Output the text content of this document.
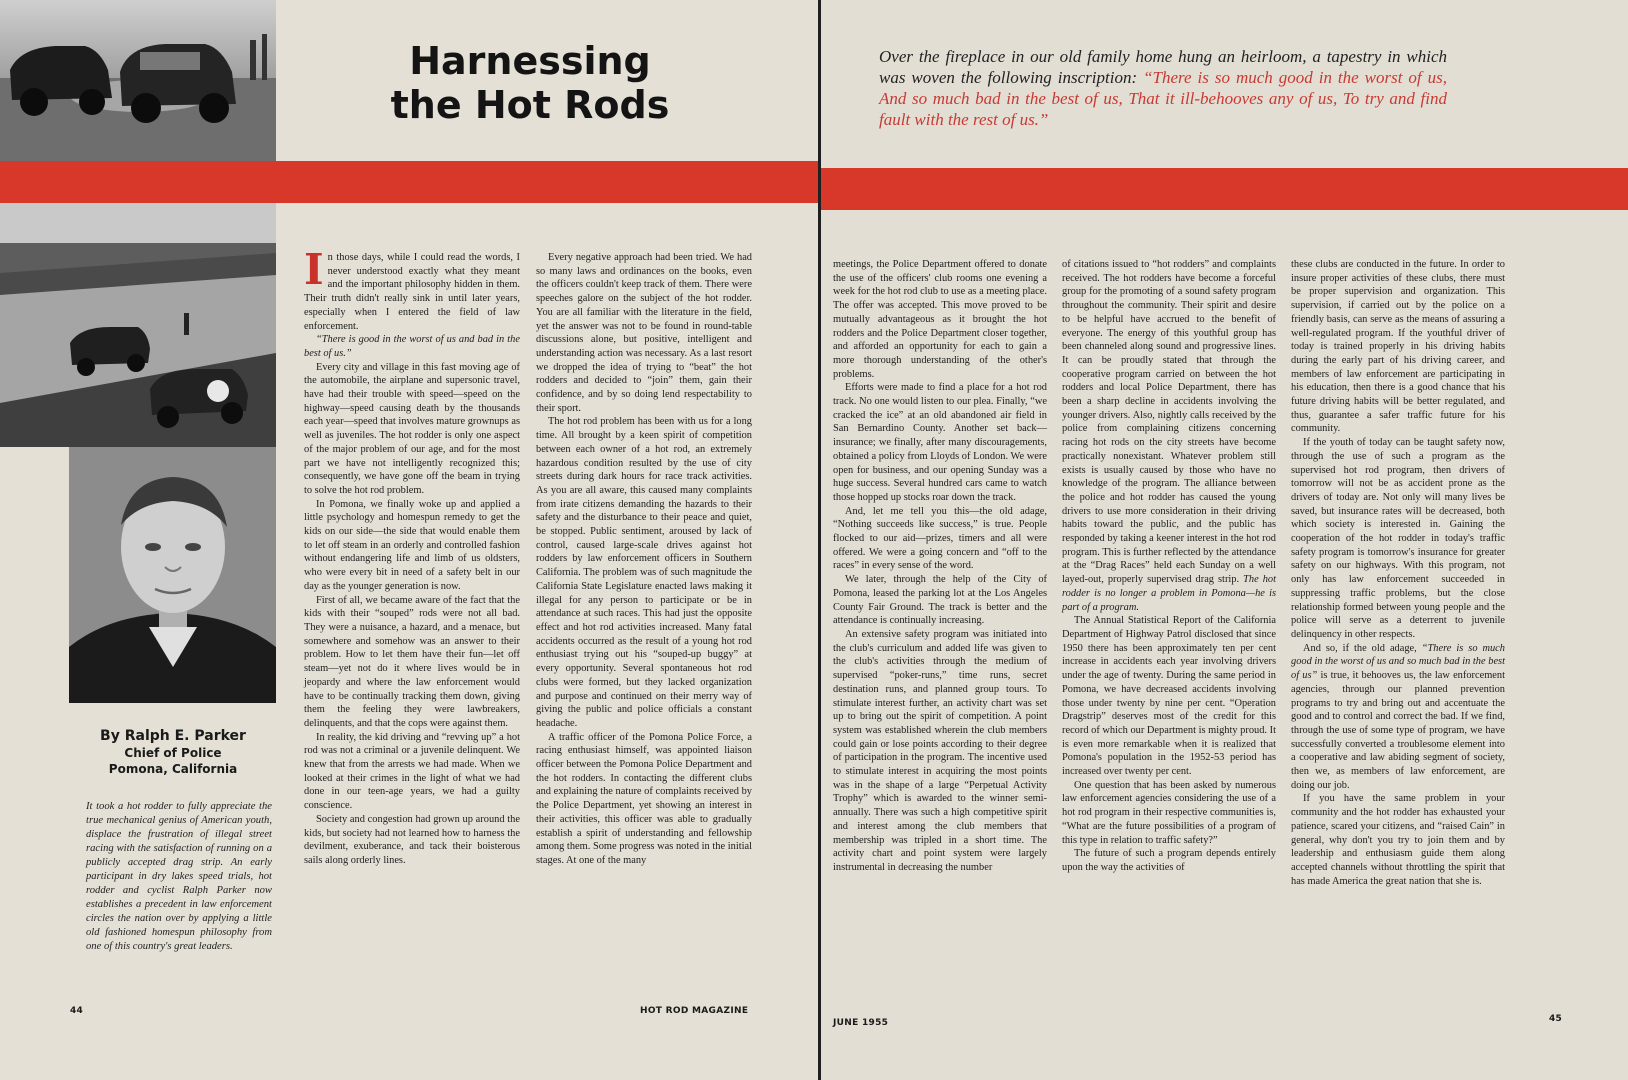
Harnessing
the Hot Rods
By Ralph E. Parker
Chief of Police
Pomona, California
It took a hot rodder to fully appreciate the true mechanical genius of American youth, displace the frustration of illegal street racing with the satisfaction of running on a publicly accepted drag strip. An early participant in dry lakes speed trials, hot rodder and cyclist Ralph Parker now establishes a precedent in law enforcement circles the nation over by applying a little old fashioned homespun philosophy from one of this country's great leaders.

In those days, while I could read the words, I never understood exactly what they meant and the important philosophy hidden in them. Their truth didn't really sink in until later years, especially when I entered the field of law enforcement.

“There is good in the worst of us and bad in the best of us.”

Every city and village in this fast moving age of the automobile, the airplane and supersonic travel, have had their trouble with speed—speed on the highway—speed causing death by the thousands each year—speed that involves mature grownups as well as juveniles. The hot rodder is only one aspect of the major problem of our age, and for the most part we have not intelligently recognized this; consequently, we have gone off the beam in trying to solve the hot rod problem.

In Pomona, we finally woke up and applied a little psychology and homespun remedy to get the kids on our side—the side that would enable them to let off steam in an orderly and controlled fashion without endangering life and limb of us oldsters, who were every bit in need of a safety belt in our day as the younger generation is now.

First of all, we became aware of the fact that the kids with their “souped” rods were not all bad. They were a nuisance, a hazard, and a menace, but somewhere and somehow was an answer to their problem. How to let them have their fun—let off steam—yet not do it where lives would be in jeopardy and where the law enforcement would have to be continually tracking them down, giving them the feeling they were lawbreakers, delinquents, and that the cops were against them.

In reality, the kid driving and “revving up” a hot rod was not a criminal or a juvenile delinquent. We knew that from the arrests we had made. When we looked at their crimes in the light of what we had done in our teen-age years, we had a guilty conscience.

Society and congestion had grown up around the kids, but society had not learned how to harness the devilment, exuberance, and tack their boisterous sails along orderly lines.

Every negative approach had been tried. We had so many laws and ordinances on the books, even the officers couldn't keep track of them. There were speeches galore on the subject of the hot rodder. You are all familiar with the literature in the field, yet the answer was not to be found in round-table discussions alone, but positive, intelligent and understanding action was necessary. As a last resort we dropped the idea of trying to “beat” the hot rodders and decided to “join” them, gain their confidence, and by so doing lend respectability to their sport.

The hot rod problem has been with us for a long time. All brought by a keen spirit of competition between each owner of a hot rod, an extremely hazardous condition resulted by the use of city streets during dark hours for race track activities. As you are all aware, this caused many complaints from irate citizens demanding the hazards to their safety and the disturbance to their peace and quiet, be stopped. Public sentiment, aroused by lack of control, caused large-scale drives against hot rodders by law enforcement officers in Southern California. The problem was of such magnitude the California State Legislature enacted laws making it illegal for any person to participate or be in attendance at such races. This had just the opposite effect and hot rod activities increased. Many fatal accidents occurred as the result of a young hot rod enthusiast trying out his “souped-up buggy” at every opportunity. Several spontaneous hot rod clubs were formed, but they lacked organization and purpose and continued on their merry way of giving the public and police officials a constant headache.

A traffic officer of the Pomona Police Force, a racing enthusiast himself, was appointed liaison officer between the Pomona Police Department and the hot rodders. In contacting the different clubs and explaining the nature of complaints received by the Police Department, yet showing an interest in their activities, this officer was able to gradually establish a spirit of understanding and fellowship among them. Some progress was noted in the initial stages. At one of the many

44	HOT ROD MAGAZINE
Over the fireplace in our old family home hung an heirloom, a tapestry in which was woven the following inscription: “There is so much good in the worst of us, And so much bad in the best of us, That it ill-behooves any of us, To try and find fault with the rest of us.”

meetings, the Police Department offered to donate the use of the officers' club rooms one evening a week for the hot rod club to use as a meeting place. The offer was accepted. This move proved to be mutually advantageous as it brought the hot rodders and the Police Department closer together, and afforded an opportunity for each to gain a more thorough understanding of the other's problems.

Efforts were made to find a place for a hot rod track. No one would listen to our plea. Finally, “we cracked the ice” at an old abandoned air field in San Bernardino County. Another set back—insurance; we finally, after many discouragements, obtained a policy from Lloyds of London. We were open for business, and our opening Sunday was a huge success. Several hundred cars came to watch those hopped up stocks roar down the track.

And, let me tell you this—the old adage, “Nothing succeeds like success,” is true. People flocked to our aid—prizes, timers and all were offered. We were a going concern and “off to the races” in every sense of the word.

We later, through the help of the City of Pomona, leased the parking lot at the Los Angeles County Fair Ground. The track is better and the attendance is continually increasing.

An extensive safety program was initiated into the club's curriculum and added life was given to the club's activities through the medium of supervised “poker-runs,” time runs, secret destination runs, and planned group tours. To stimulate interest further, an activity chart was set up to bring out the spirit of competition. A point system was established wherein the club members could gain or lose points according to their degree of participation in the program. The incentive used to stimulate interest in acquiring the most points was in the shape of a large “Perpetual Activity Trophy” which is awarded to the winner semi-annually. There was such a high competitive spirit and interest among the club members that membership was tripled in a short time. The activity chart and point system were largely instrumental in decreasing the number

of citations issued to “hot rodders” and complaints received. The hot rodders have become a forceful group for the promoting of a sound safety program throughout the community. Their spirit and desire to be helpful have accrued to the benefit of everyone. The energy of this youthful group has been channeled along sound and progressive lines. It can be proudly stated that through the cooperative program carried on between the hot rodders and local Police Department, there has been a sharp decline in accidents involving the younger drivers. Also, nightly calls received by the police from complaining citizens concerning racing hot rods on the city streets have become practically nonexistant. Whatever problem still exists is usually caused by those who have no knowledge of the program. The alliance between the police and hot rodder has caused the young drivers to use more consideration in their driving habits toward the public, and the public has responded by taking a keener interest in the hot rod program. This is further reflected by the attendance at the “Drag Races” held each Sunday on a well layed-out, properly supervised drag strip. The hot rodder is no longer a problem in Pomona—he is part of a program.

The Annual Statistical Report of the California Department of Highway Patrol disclosed that since 1950 there has been approximately ten per cent increase in accidents each year involving drivers under the age of twenty. During the same period in Pomona, we have decreased accidents involving those under twenty by nine per cent. “Operation Dragstrip” deserves most of the credit for this record of which our Department is mighty proud. It is even more remarkable when it is realized that Pomona's population in the 1952-53 period has increased over twenty per cent.

One question that has been asked by numerous law enforcement agencies considering the use of a hot rod program in their respective communities is, “What are the future possibilities of a program of this type in relation to traffic safety?”

The future of such a program depends entirely upon the way the activities of

these clubs are conducted in the future. In order to insure proper activities of these clubs, there must be proper supervision and organization. This supervision, if carried out by the police on a friendly basis, can serve as the means of assuring a well-regulated program. If the youthful driver of today is trained properly in his driving habits during the early part of his driving career, and members of law enforcement are participating in his education, then there is a good chance that his future driving habits will be better regulated, and thus, guarantee a safer traffic future for his community.

If the youth of today can be taught safety now, through the use of such a program as the supervised hot rod program, then drivers of tomorrow will not be as accident prone as the drivers of today are. Not only will many lives be saved, but insurance rates will be decreased, both which society is interested in. Gaining the cooperation of the hot rodder in today's traffic safety program is tomorrow's insurance for greater safety on our highways. With this program, not only has law enforcement succeeded in suppressing traffic problems, but the close relationship formed between young people and the police will serve as a deterrent to juvenile delinquency in other respects.

And so, if the old adage, “There is so much good in the worst of us and so much bad in the best of us” is true, it behooves us, the law enforcement agencies, through our planned prevention programs to try and bring out and accentuate the good and to control and correct the bad. If we find, through the use of some type of program, we have successfully converted a troublesome element into a cooperative and law abiding segment of society, then we, as members of law enforcement, are doing our job.

If you have the same problem in your community and the hot rodder has exhausted your patience, scared your citizens, and “raised Cain” in general, why don't you try to join them and by leadership and enthusiasm guide them along accepted channels without throttling the spirit that has made America the great nation that she is.

JUNE 1955	45
